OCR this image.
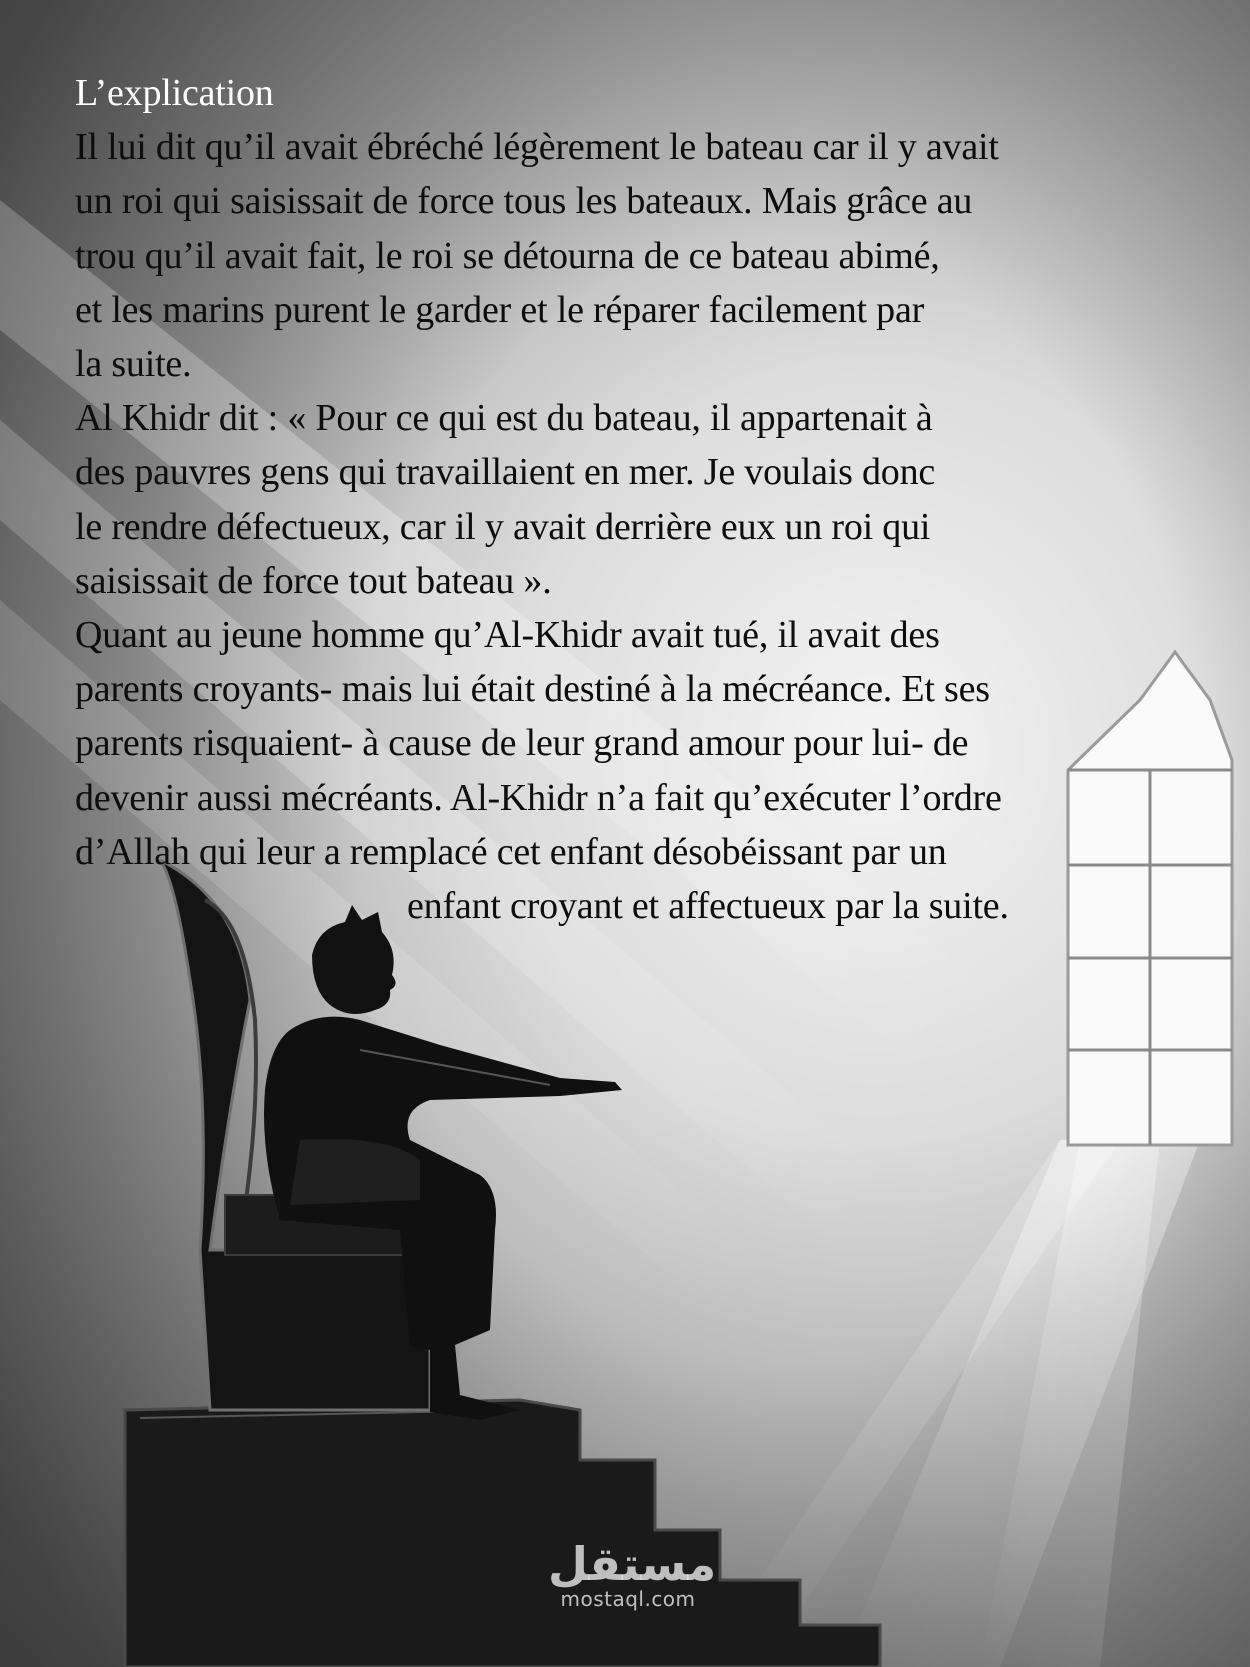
L’explication
Il lui dit qu’il avait ébréché légèrement le bateau car il y avait
un roi qui saisissait de force tous les bateaux. Mais grâce au
trou qu’il avait fait, le roi se détourna de ce bateau abimé,
et les marins purent le garder et le réparer facilement par
la suite.
Al Khidr dit : « Pour ce qui est du bateau, il appartenait à
des pauvres gens qui travaillaient en mer. Je voulais donc
le rendre défectueux, car il y avait derrière eux un roi qui
saisissait de force tout bateau ».
Quant au jeune homme qu’Al-Khidr avait tué, il avait des
parents croyants- mais lui était destiné à la mécréance. Et ses
parents risquaient- à cause de leur grand amour pour lui- de
devenir aussi mécréants. Al-Khidr n’a fait qu’exécuter l’ordre
d’Allah qui leur a remplacé cet enfant désobéissant par un
enfant croyant et affectueux par la suite.
مستقل
mostaql.com
